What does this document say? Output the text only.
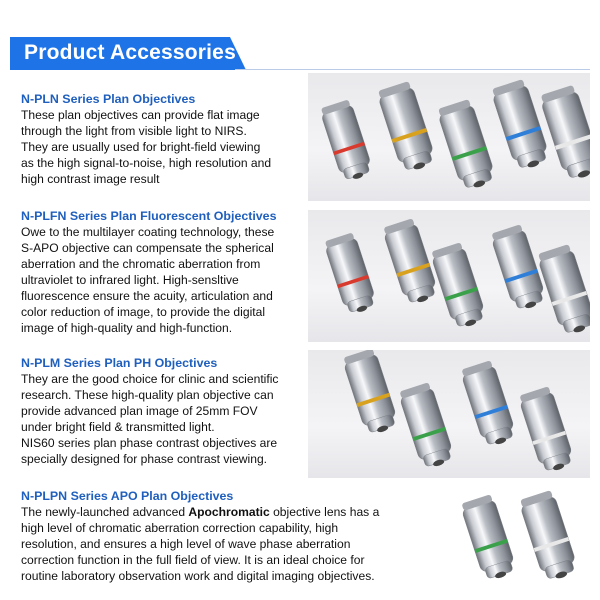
Product Accessories
N-PLN Series Plan Objectives

These plan objectives can provide flat image

through the light from visible light to NIRS.

They are usually used for bright-field viewing

as the high signal-to-noise, high resolution and

high contrast image result

N-PLFN Series Plan Fluorescent Objectives

Owe to the multilayer coating technology, these

S-APO objective can compensate the spherical

aberration and the chromatic aberration from

ultraviolet to infrared light. High-sensltive

fluorescence ensure the acuity, articulation and

color reduction of image, to provide the digital

image of high-quality and high-function.

N-PLM Series Plan PH Objectives

They are the good choice for clinic and scientific

research. These high-quality plan objective can

provide advanced plan image of 25mm FOV

under bright field & transmitted light.

NIS60 series plan phase contrast objectives are

specially designed for phase contrast viewing.

N-PLPN Series APO Plan Objectives

The newly-launched advanced Apochromatic objective lens has a

high level of chromatic aberration correction capability, high

resolution, and ensures a high level of wave phase aberration

correction function in the full field of view. It is an ideal choice for

routine laboratory observation work and digital imaging objectives.
